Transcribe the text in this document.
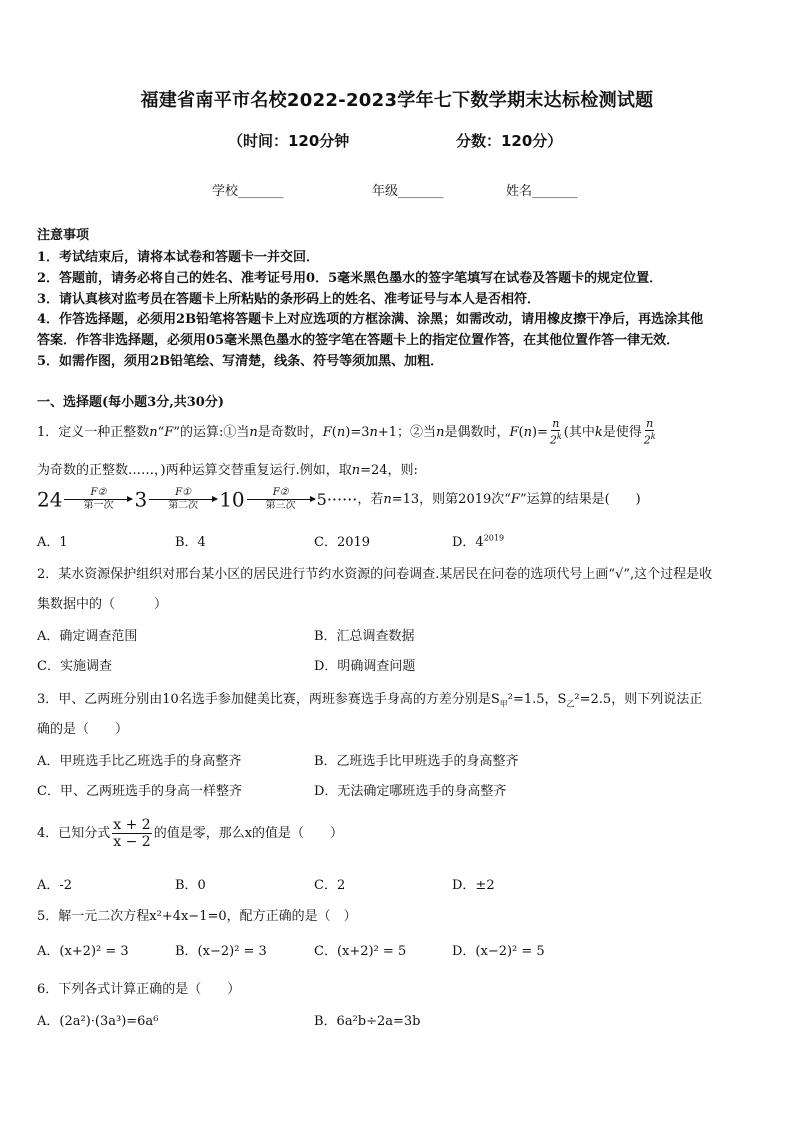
福建省南平市名校2022-2023学年七下数学期末达标检测试题
（时间：120分钟	分数：120分）
学校_______	年级_______	姓名_______
注意事项
1．考试结束后，请将本试卷和答题卡一并交回．
2．答题前，请务必将自己的姓名、准考证号用0．5毫米黑色墨水的签字笔填写在试卷及答题卡的规定位置．
3．请认真核对监考员在答题卡上所粘贴的条形码上的姓名、准考证号与本人是否相符．
4．作答选择题，必须用2B铅笔将答题卡上对应选项的方框涂满、涂黑；如需改动，请用橡皮擦干净后，再选涂其他
答案．作答非选择题，必须用05毫米黑色墨水的签字笔在答题卡上的指定位置作答，在其他位置作答一律无效．
5．如需作图，须用2B铅笔绘、写清楚，线条、符号等须加黑、加粗．
一、选择题(每小题3分,共30分)
1．定义一种正整数n“F”的运算:①当n是奇数时，F(n)=3n+1；②当n是偶数时，$F(n)= \frac{n}{2^k}$ (其中k是使得 $\frac{n}{2^k}$
为奇数的正整数……，)两种运算交替重复运行.例如，取n=24，则:
24	F②
第一次 3	F①
第二次 10	F②
第三次 5······，若n=13，则第2019次“F”运算的结果是(　　)
A．1	B．4	C．2019	D．$4^{2019}$
2．某水资源保护组织对邢台某小区的居民进行节约水资源的问卷调查.某居民在问卷的选项代号上画“√”,这个过程是收
集数据中的（　　　）
A．确定调查范围	B．汇总调查数据
C．实施调查	D．明确调查问题
3．甲、乙两班分别由10名选手参加健美比赛，两班参赛选手身高的方差分别是$S_甲^2=1.5$，$S_乙^2=2.5$，则下列说法正
确的是（　　）
A．甲班选手比乙班选手的身高整齐	B．乙班选手比甲班选手的身高整齐
C．甲、乙两班选手的身高一样整齐	D．无法确定哪班选手的身高整齐
4．已知分式 $\frac{x + 2}{x - 2}$ 的值是零，那么x的值是（　　）
A．-2	B．0	C．2	D．±2
5．解一元二次方程x²+4x−1=0，配方正确的是（　）
A．(x+2)² = 3	B．(x−2)² = 3	C．(x+2)² = 5	D．(x−2)² = 5
6．下列各式计算正确的是（　　）
A．(2a²)·(3a³)=6a⁶	B．6a²b÷2a=3b
